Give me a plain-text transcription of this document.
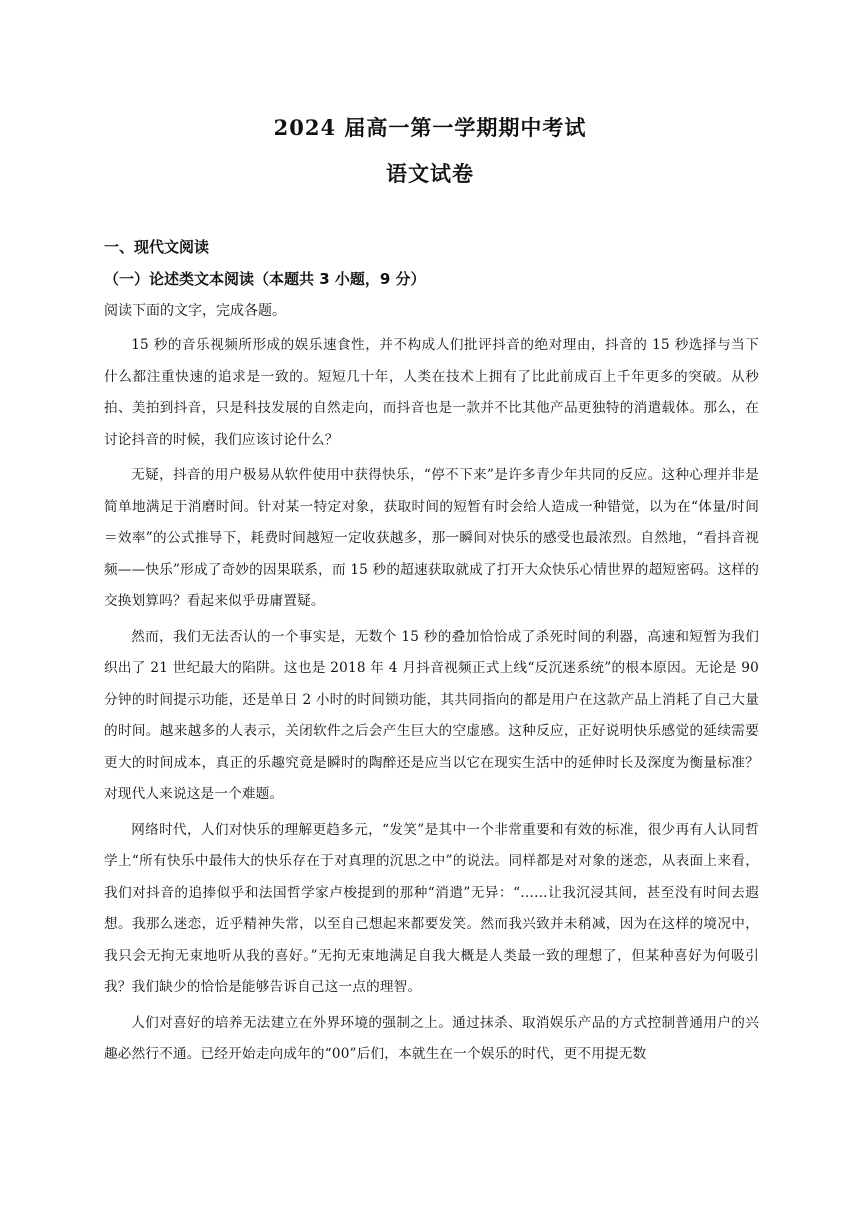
2024 届高一第一学期期中考试
语文试卷
一、现代文阅读
（一）论述类文本阅读（本题共 3 小题，9 分）
阅读下面的文字，完成各题。

15 秒的音乐视频所形成的娱乐速食性，并不构成人们批评抖音的绝对理由，抖音的 15 秒选择与当下什么都注重快速的追求是一致的。短短几十年，人类在技术上拥有了比此前成百上千年更多的突破。从秒拍、美拍到抖音，只是科技发展的自然走向，而抖音也是一款并不比其他产品更独特的消遣载体。那么，在讨论抖音的时候，我们应该讨论什么？

无疑，抖音的用户极易从软件使用中获得快乐，“停不下来”是许多青少年共同的反应。这种心理并非是简单地满足于消磨时间。针对某一特定对象，获取时间的短暂有时会给人造成一种错觉，以为在“体量/时间＝效率”的公式推导下，耗费时间越短一定收获越多，那一瞬间对快乐的感受也最浓烈。自然地，“看抖音视频——快乐”形成了奇妙的因果联系，而 15 秒的超速获取就成了打开大众快乐心情世界的超短密码。这样的交换划算吗？看起来似乎毋庸置疑。

然而，我们无法否认的一个事实是，无数个 15 秒的叠加恰恰成了杀死时间的利器，高速和短暂为我们织出了 21 世纪最大的陷阱。这也是 2018 年 4 月抖音视频正式上线“反沉迷系统”的根本原因。无论是 90 分钟的时间提示功能，还是单日 2 小时的时间锁功能，其共同指向的都是用户在这款产品上消耗了自己大量的时间。越来越多的人表示，关闭软件之后会产生巨大的空虚感。这种反应，正好说明快乐感觉的延续需要更大的时间成本，真正的乐趣究竟是瞬时的陶醉还是应当以它在现实生活中的延伸时长及深度为衡量标准？对现代人来说这是一个难题。

网络时代，人们对快乐的理解更趋多元，“发笑”是其中一个非常重要和有效的标准，很少再有人认同哲学上“所有快乐中最伟大的快乐存在于对真理的沉思之中”的说法。同样都是对对象的迷恋，从表面上来看，我们对抖音的追捧似乎和法国哲学家卢梭提到的那种“消遣”无异：“……让我沉浸其间，甚至没有时间去遐想。我那么迷恋，近乎精神失常，以至自己想起来都要发笑。然而我兴致并未稍减，因为在这样的境况中，我只会无拘无束地听从我的喜好。”无拘无束地满足自我大概是人类最一致的理想了，但某种喜好为何吸引我？我们缺少的恰恰是能够告诉自己这一点的理智。

人们对喜好的培养无法建立在外界环境的强制之上。通过抹杀、取消娱乐产品的方式控制普通用户的兴趣必然行不通。已经开始走向成年的“00”后们，本就生在一个娱乐的时代，更不用提无数
